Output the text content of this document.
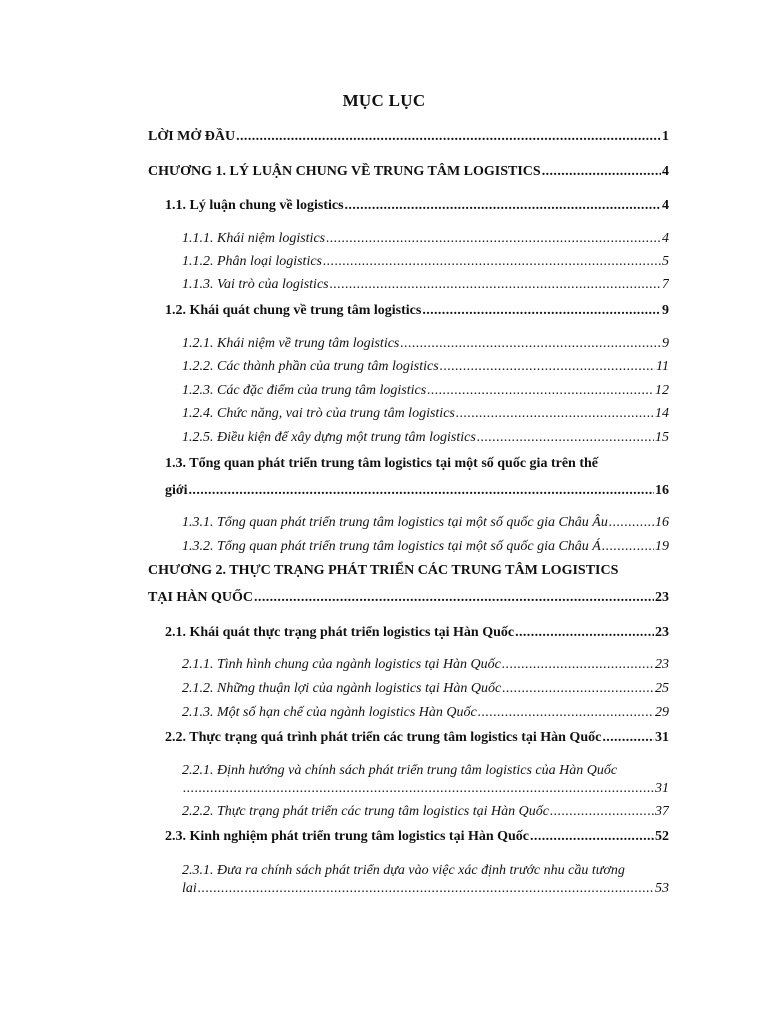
MỤC LỤC
LỜI MỞ ĐẦU .....	1
CHƯƠNG 1. LÝ LUẬN CHUNG VỀ TRUNG TÂM LOGISTICS .....	4
1.1. Lý luận chung về logistics .....	4
1.1.1. Khái niệm logistics .....	4
1.1.2. Phân loại logistics .....	5
1.1.3. Vai trò của logistics .....	7
1.2. Khái quát chung về trung tâm logistics .....	9
1.2.1. Khái niệm về trung tâm logistics .....	9
1.2.2. Các thành phần của trung tâm logistics .....	11
1.2.3. Các đặc điểm của trung tâm logistics .....	12
1.2.4. Chức năng, vai trò của trung tâm logistics .....	14
1.2.5. Điều kiện để xây dựng một trung tâm logistics .....	15
1.3. Tổng quan phát triển trung tâm logistics tại một số quốc gia trên thế
giới .....	16
1.3.1. Tổng quan phát triển trung tâm logistics tại một số quốc gia Châu Âu .....	16
1.3.2. Tổng quan phát triển trung tâm logistics tại một số quốc gia Châu Á .....	19
CHƯƠNG 2. THỰC TRẠNG PHÁT TRIỂN CÁC TRUNG TÂM LOGISTICS
TẠI HÀN QUỐC .....	23
2.1. Khái quát thực trạng phát triển logistics tại Hàn Quốc .....	23
2.1.1. Tình hình chung của ngành logistics tại Hàn Quốc .....	23
2.1.2. Những thuận lợi của ngành logistics tại Hàn Quốc .....	25
2.1.3. Một số hạn chế của ngành logistics Hàn Quốc .....	29
2.2. Thực trạng quá trình phát triển các trung tâm logistics tại Hàn Quốc .....	31
2.2.1. Định hướng và chính sách phát triển trung tâm logistics của Hàn Quốc
.....
31
2.2.2. Thực trạng phát triển các trung tâm logistics tại Hàn Quốc .....	37
2.3. Kinh nghiệm phát triển trung tâm logistics tại Hàn Quốc .....	52
2.3.1. Đưa ra chính sách phát triển dựa vào việc xác định trước nhu cầu tương
lai .....	53
